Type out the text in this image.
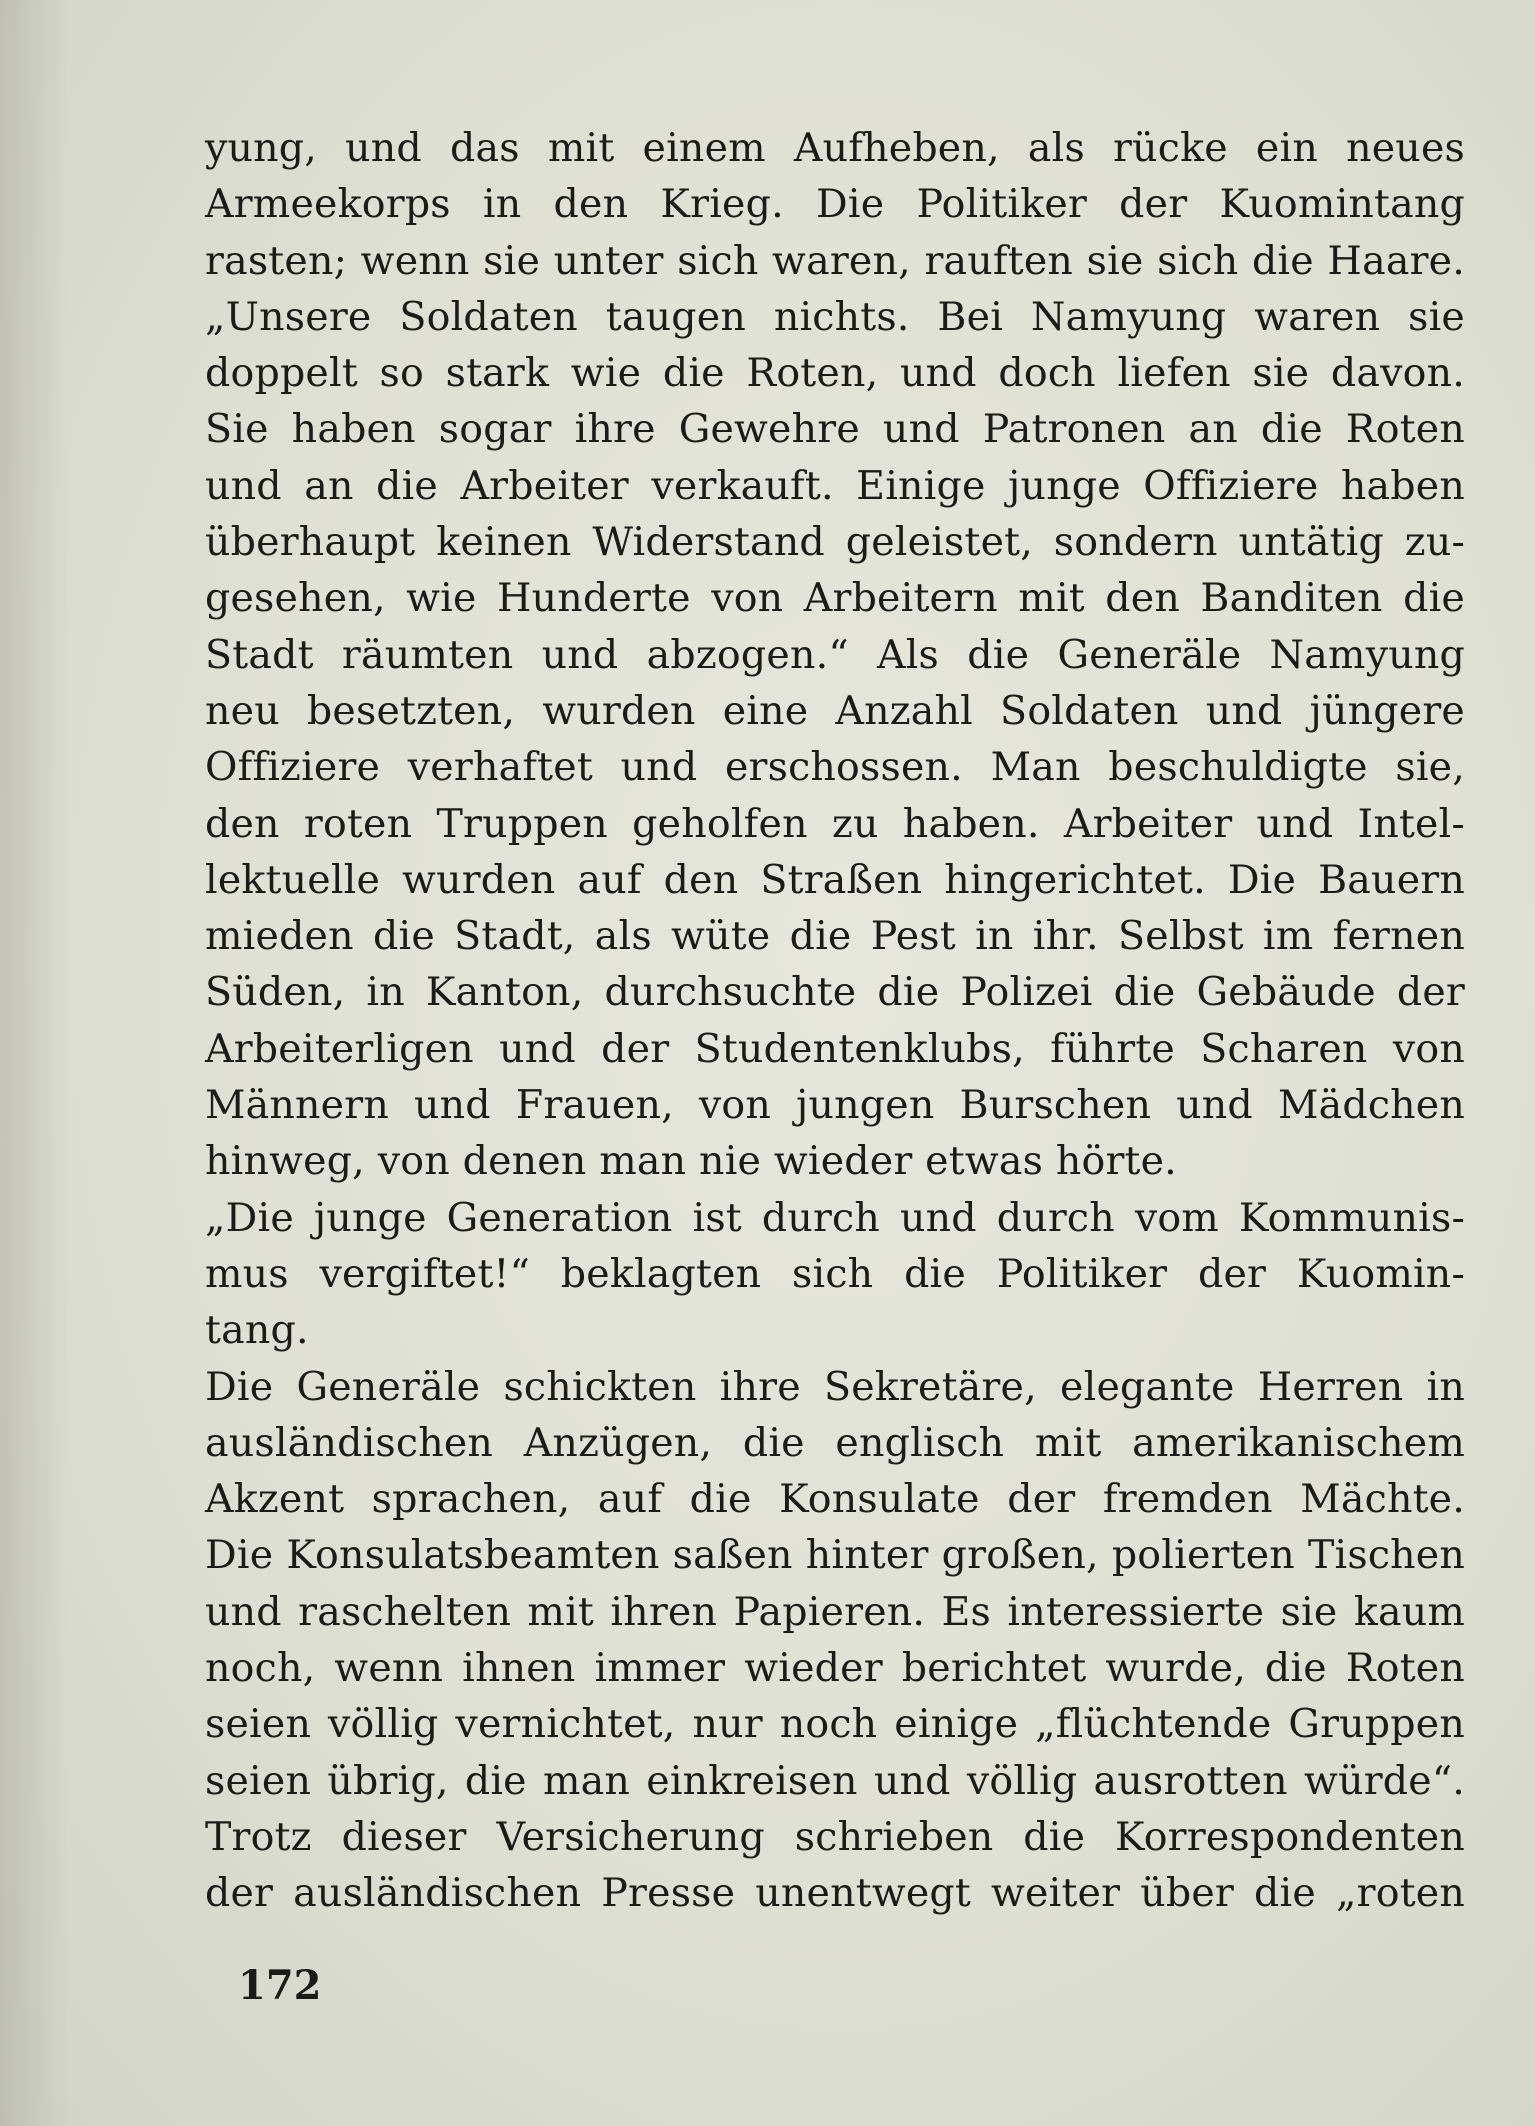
yung, und das mit einem Aufheben, als rücke ein neues
Armeekorps in den Krieg. Die Politiker der Kuomintang
rasten; wenn sie unter sich waren, rauften sie sich die Haare.
„Unsere Soldaten taugen nichts. Bei Namyung waren sie
doppelt so stark wie die Roten, und doch liefen sie davon.
Sie haben sogar ihre Gewehre und Patronen an die Roten
und an die Arbeiter verkauft. Einige junge Offiziere haben
überhaupt keinen Widerstand geleistet, sondern untätig zu-
gesehen, wie Hunderte von Arbeitern mit den Banditen die
Stadt räumten und abzogen.“ Als die Generäle Namyung
neu besetzten, wurden eine Anzahl Soldaten und jüngere
Offiziere verhaftet und erschossen. Man beschuldigte sie,
den roten Truppen geholfen zu haben. Arbeiter und Intel-
lektuelle wurden auf den Straßen hingerichtet. Die Bauern
mieden die Stadt, als wüte die Pest in ihr. Selbst im fernen
Süden, in Kanton, durchsuchte die Polizei die Gebäude der
Arbeiterligen und der Studentenklubs, führte Scharen von
Männern und Frauen, von jungen Burschen und Mädchen
hinweg, von denen man nie wieder etwas hörte.
„Die junge Generation ist durch und durch vom Kommunis-
mus vergiftet!“ beklagten sich die Politiker der Kuomin-
tang.
Die Generäle schickten ihre Sekretäre, elegante Herren in
ausländischen Anzügen, die englisch mit amerikanischem
Akzent sprachen, auf die Konsulate der fremden Mächte.
Die Konsulatsbeamten saßen hinter großen, polierten Tischen
und raschelten mit ihren Papieren. Es interessierte sie kaum
noch, wenn ihnen immer wieder berichtet wurde, die Roten
seien völlig vernichtet, nur noch einige „flüchtende Gruppen
seien übrig, die man einkreisen und völlig ausrotten würde“.
Trotz dieser Versicherung schrieben die Korrespondenten
der ausländischen Presse unentwegt weiter über die „roten
172
